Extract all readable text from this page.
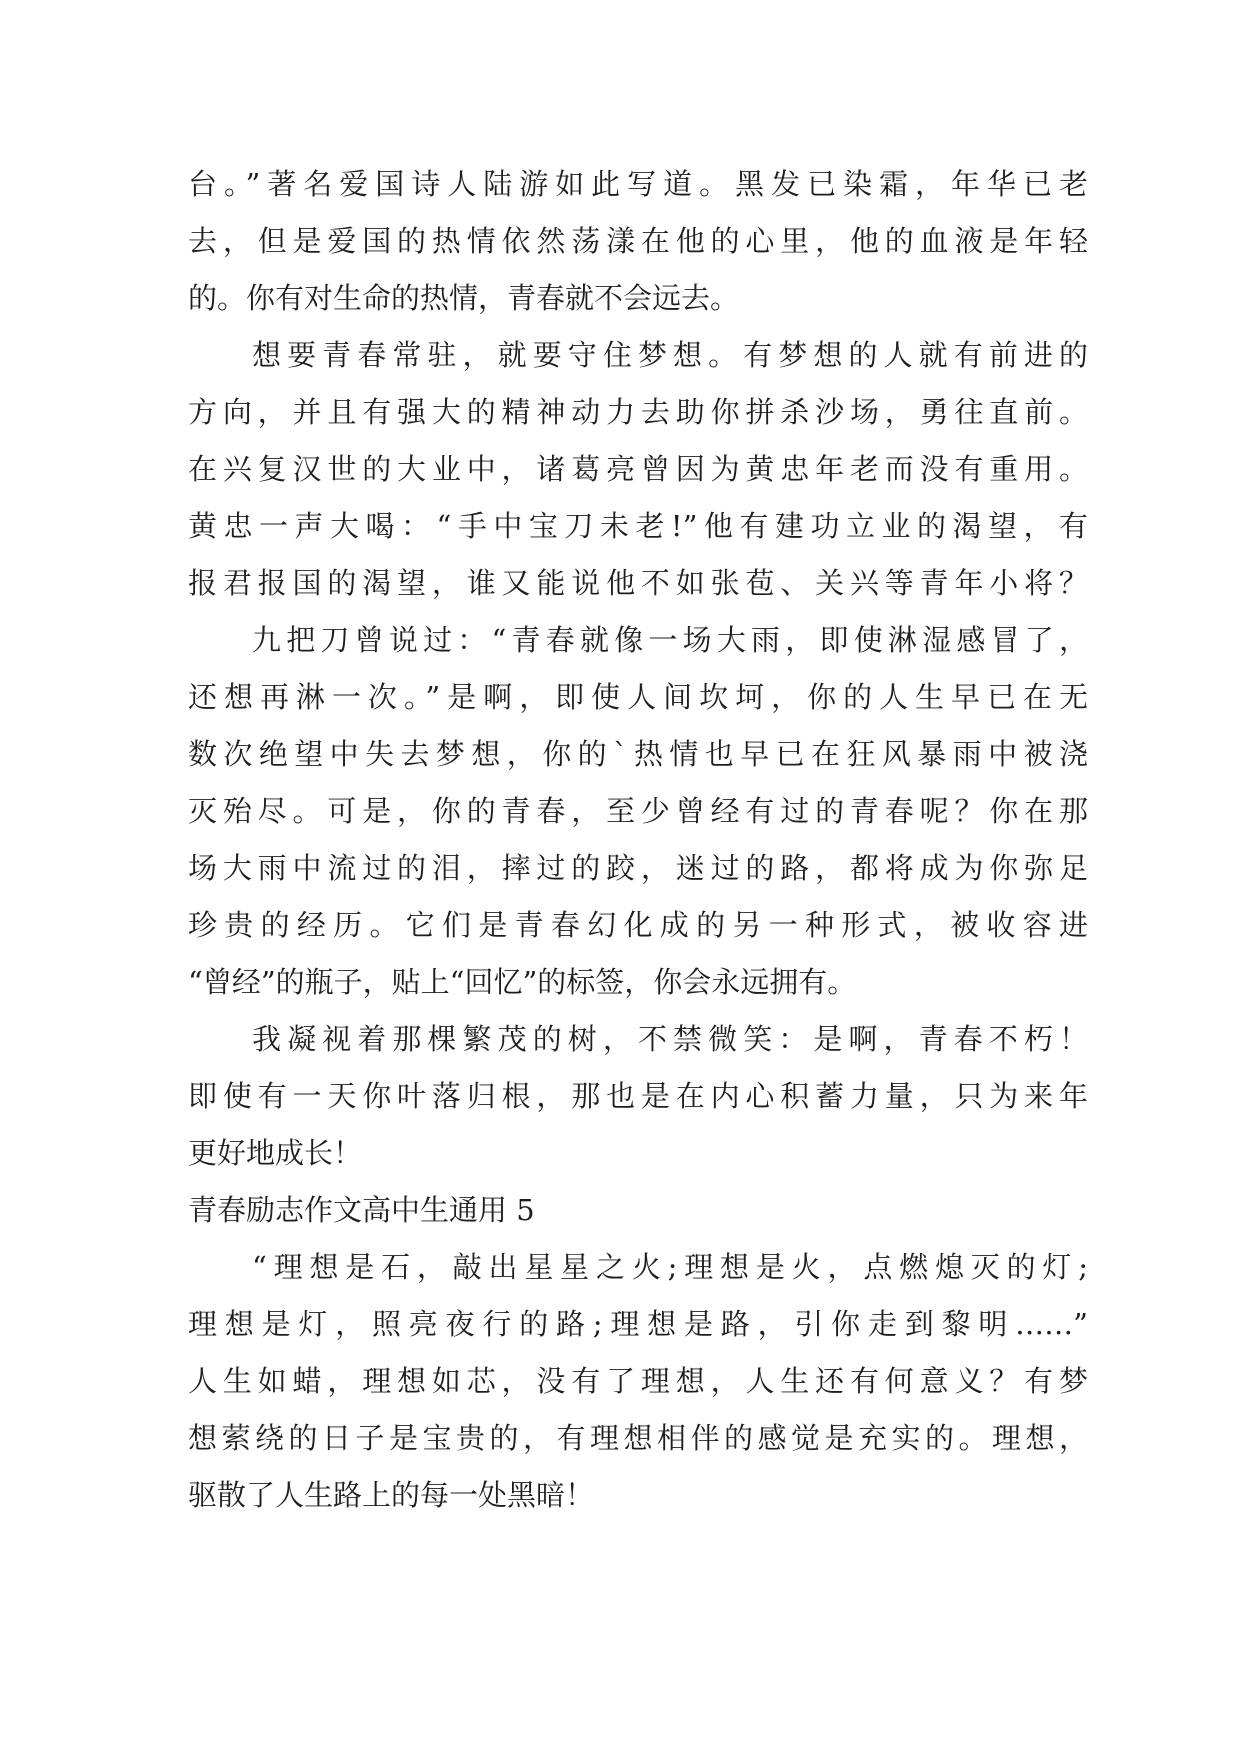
台。”著名爱国诗人陆游如此写道。黑发已染霜，年华已老
去，但是爱国的热情依然荡漾在他的心里，他的血液是年轻
的。你有对生命的热情，青春就不会远去。
想要青春常驻，就要守住梦想。有梦想的人就有前进的
方向，并且有强大的精神动力去助你拼杀沙场，勇往直前。
在兴复汉世的大业中，诸葛亮曾因为黄忠年老而没有重用。
黄忠一声大喝：“手中宝刀未老!”他有建功立业的渴望，有
报君报国的渴望，谁又能说他不如张苞、关兴等青年小将？
九把刀曾说过：“青春就像一场大雨，即使淋湿感冒了，
还想再淋一次。”是啊，即使人间坎坷，你的人生早已在无
数次绝望中失去梦想，你的`热情也早已在狂风暴雨中被浇
灭殆尽。可是，你的青春，至少曾经有过的青春呢？你在那
场大雨中流过的泪，摔过的跤，迷过的路，都将成为你弥足
珍贵的经历。它们是青春幻化成的另一种形式，被收容进
“曾经”的瓶子，贴上“回忆”的标签，你会永远拥有。
我凝视着那棵繁茂的树，不禁微笑：是啊，青春不朽！
即使有一天你叶落归根，那也是在内心积蓄力量，只为来年
更好地成长！
青春励志作文高中生通用 5
“理想是石，敲出星星之火;理想是火，点燃熄灭的灯;
理想是灯，照亮夜行的路;理想是路，引你走到黎明……”
人生如蜡，理想如芯，没有了理想，人生还有何意义？有梦
想萦绕的日子是宝贵的，有理想相伴的感觉是充实的。理想，
驱散了人生路上的每一处黑暗！
